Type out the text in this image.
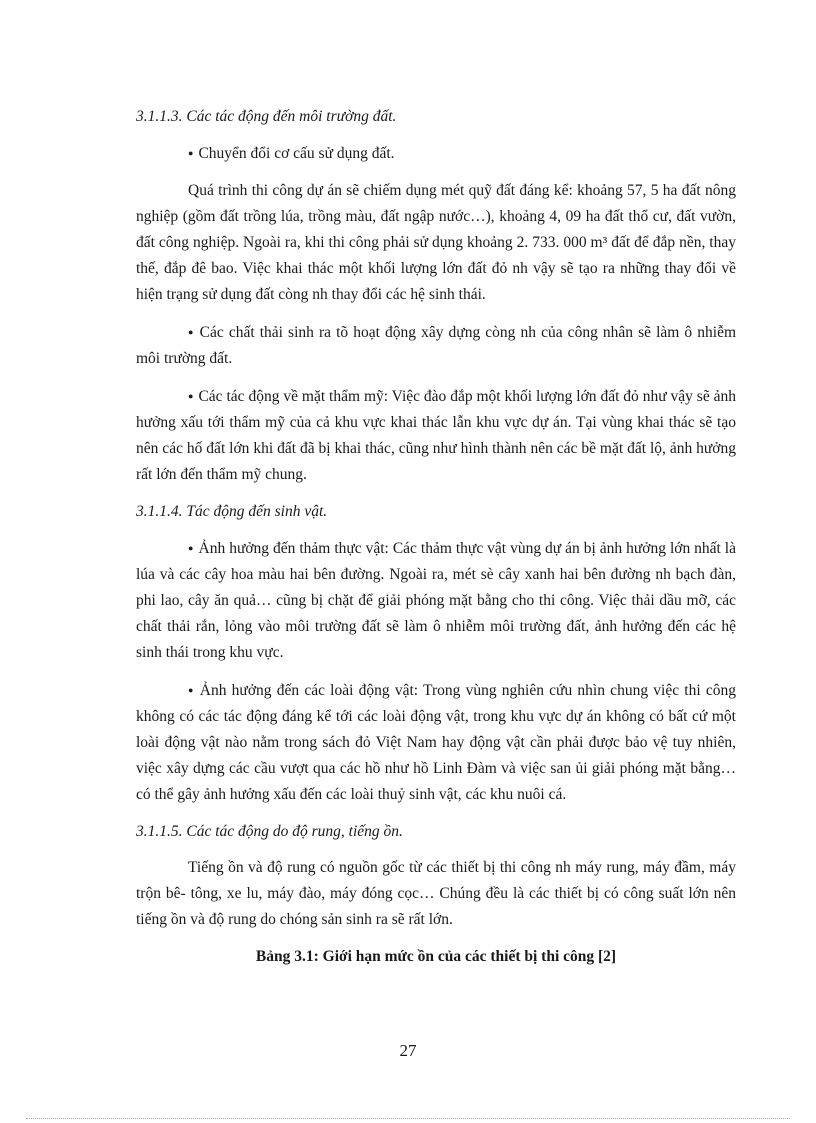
3.1.1.3. Các tác động đến môi trường đất.

● Chuyển đổi cơ cấu sử dụng đất.

Quá trình thi công dự án sẽ chiếm dụng mét quỹ đất đáng kể: khoảng 57, 5 ha đất nông nghiệp (gồm đất trồng lúa, trồng màu, đất ngập nước…), khoảng 4, 09 ha đất thổ cư, đất vườn, đất công nghiệp. Ngoài ra, khi thi công phải sử dụng khoảng 2. 733. 000 m³ đất để đắp nền, thay thế, đắp đê bao. Việc khai thác một khối lượng lớn đất đỏ nh vậy sẽ tạo ra những thay đổi về hiện trạng sử dụng đất còng nh thay đổi các hệ sinh thái.

● Các chất thải sinh ra tõ hoạt động xây dựng còng nh của công nhân sẽ làm ô nhiễm môi trường đất.

● Các tác động về mặt thẩm mỹ: Việc đào đắp một khối lượng lớn đất đỏ như vậy sẽ ảnh hưởng xấu tới thẩm mỹ của cả khu vực khai thác lẫn khu vực dự án. Tại vùng khai thác sẽ tạo nên các hố đất lớn khi đất đã bị khai thác, cũng như hình thành nên các bề mặt đất lộ, ảnh hưởng rất lớn đến thẩm mỹ chung.

3.1.1.4. Tác động đến sinh vật.

● Ảnh hưởng đến thảm thực vật: Các thảm thực vật vùng dự án bị ảnh hưởng lớn nhất là lúa và các cây hoa màu hai bên đường. Ngoài ra, mét sè cây xanh hai bên đường nh bạch đàn, phi lao, cây ăn quả… cũng bị chặt để giải phóng mặt bằng cho thi công. Việc thải dầu mỡ, các chất thải rắn, lỏng vào môi trường đất sẽ làm ô nhiễm môi trường đất, ảnh hưởng đến các hệ sinh thái trong khu vực.

● Ảnh hưởng đến các loài động vật: Trong vùng nghiên cứu nhìn chung việc thi công không có các tác động đáng kể tới các loài động vật, trong khu vực dự án không có bất cứ một loài động vật nào nằm trong sách đỏ Việt Nam hay động vật cần phải được bảo vệ tuy nhiên, việc xây dựng các cầu vượt qua các hồ như hồ Linh Đàm và việc san ủi giải phóng mặt bằng… có thể gây ảnh hưởng xấu đến các loài thuỷ sinh vật, các khu nuôi cá.

3.1.1.5. Các tác động do độ rung, tiếng ồn.

Tiếng ồn và độ rung có nguồn gốc từ các thiết bị thi công nh máy rung, máy đầm, máy trộn bê- tông, xe lu, máy đào, máy đóng cọc… Chúng đều là các thiết bị có công suất lớn nên tiếng ồn và độ rung do chóng sản sinh ra sẽ rất lớn.

Bảng 3.1: Giới hạn mức ồn của các thiết bị thi công [2]

27
